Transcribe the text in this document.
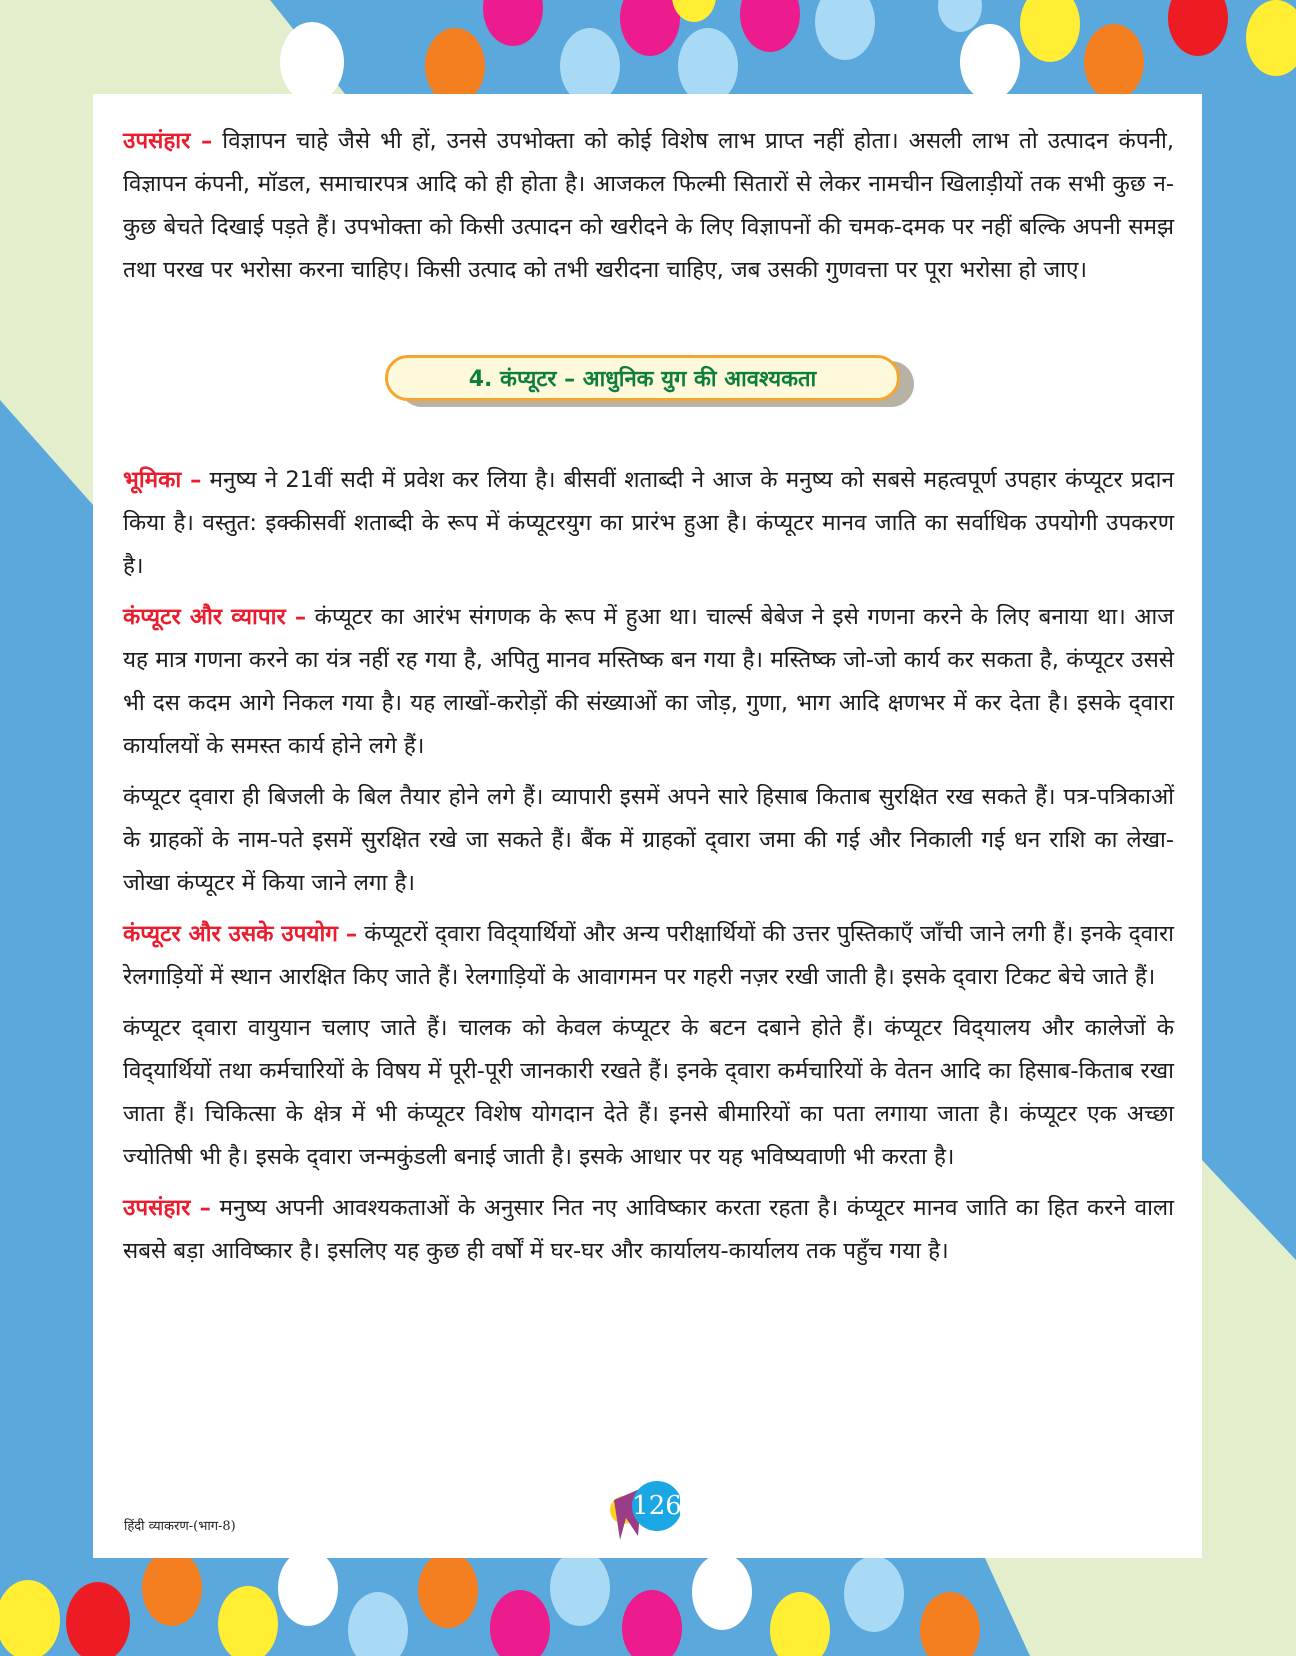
उपसंहार – विज्ञापन चाहे जैसे भी हों, उनसे उपभोक्ता को कोई विशेष लाभ प्राप्त नहीं होता। असली लाभ तो उत्पादन कंपनी, विज्ञापन कंपनी, मॉडल, समाचारपत्र आदि को ही होता है। आजकल फिल्मी सितारों से लेकर नामचीन खिलाड़ीयों तक सभी कुछ न-कुछ बेचते दिखाई पड़ते हैं। उपभोक्ता को किसी उत्पादन को खरीदने के लिए विज्ञापनों की चमक-दमक पर नहीं बल्कि अपनी समझ तथा परख पर भरोसा करना चाहिए। किसी उत्पाद को तभी खरीदना चाहिए, जब उसकी गुणवत्ता पर पूरा भरोसा हो जाए।

4. कंप्यूटर – आधुनिक युग की आवश्यकता

भूमिका – मनुष्य ने 21वीं सदी में प्रवेश कर लिया है। बीसवीं शताब्दी ने आज के मनुष्य को सबसे महत्वपूर्ण उपहार कंप्यूटर प्रदान किया है। वस्तुत: इक्कीसवीं शताब्दी के रूप में कंप्यूटरयुग का प्रारंभ हुआ है। कंप्यूटर मानव जाति का सर्वाधिक उपयोगी उपकरण है।

कंप्यूटर और व्यापार – कंप्यूटर का आरंभ संगणक के रूप में हुआ था। चार्ल्स बेबेज ने इसे गणना करने के लिए बनाया था। आज यह मात्र गणना करने का यंत्र नहीं रह गया है, अपितु मानव मस्तिष्क बन गया है। मस्तिष्क जो-जो कार्य कर सकता है, कंप्यूटर उससे भी दस कदम आगे निकल गया है। यह लाखों-करोड़ों की संख्याओं का जोड़, गुणा, भाग आदि क्षणभर में कर देता है। इसके द्‌वारा कार्यालयों के समस्त कार्य होने लगे हैं।

कंप्यूटर द्‌वारा ही बिजली के बिल तैयार होने लगे हैं। व्यापारी इसमें अपने सारे हिसाब किताब सुरक्षित रख सकते हैं। पत्र-पत्रिकाओं के ग्राहकों के नाम-पते इसमें सुरक्षित रखे जा सकते हैं। बैंक में ग्राहकों द्‌वारा जमा की गई और निकाली गई धन राशि का लेखा-जोखा कंप्यूटर में किया जाने लगा है।

कंप्यूटर और उसके उपयोग – कंप्यूटरों द्‌वारा विद्‌यार्थियों और अन्य परीक्षार्थियों की उत्तर पुस्तिकाएँ जाँची जाने लगी हैं। इनके द्‌वारा रेलगाड़ियों में स्थान आरक्षित किए जाते हैं। रेलगाड़ियों के आवागमन पर गहरी नज़र रखी जाती है। इसके द्‌वारा टिकट बेचे जाते हैं।

कंप्यूटर द्‌वारा वायुयान चलाए जाते हैं। चालक को केवल कंप्यूटर के बटन दबाने होते हैं। कंप्यूटर विद्‌यालय और कालेजों के विद्‌यार्थियों तथा कर्मचारियों के विषय में पूरी-पूरी जानकारी रखते हैं। इनके द्‌वारा कर्मचारियों के वेतन आदि का हिसाब-किताब रखा जाता हैं। चिकित्सा के क्षेत्र में भी कंप्यूटर विशेष योगदान देते हैं। इनसे बीमारियों का पता लगाया जाता है। कंप्यूटर एक अच्छा ज्योतिषी भी है। इसके द्‌वारा जन्मकुंडली बनाई जाती है। इसके आधार पर यह भविष्यवाणी भी करता है।

उपसंहार – मनुष्य अपनी आवश्यकताओं के अनुसार नित नए आविष्कार करता रहता है। कंप्यूटर मानव जाति का हित करने वाला सबसे बड़ा आविष्कार है। इसलिए यह कुछ ही वर्षों में घर-घर और कार्यालय-कार्यालय तक पहुँच गया है।

हिंदी व्याकरण-(भाग-8)
126
